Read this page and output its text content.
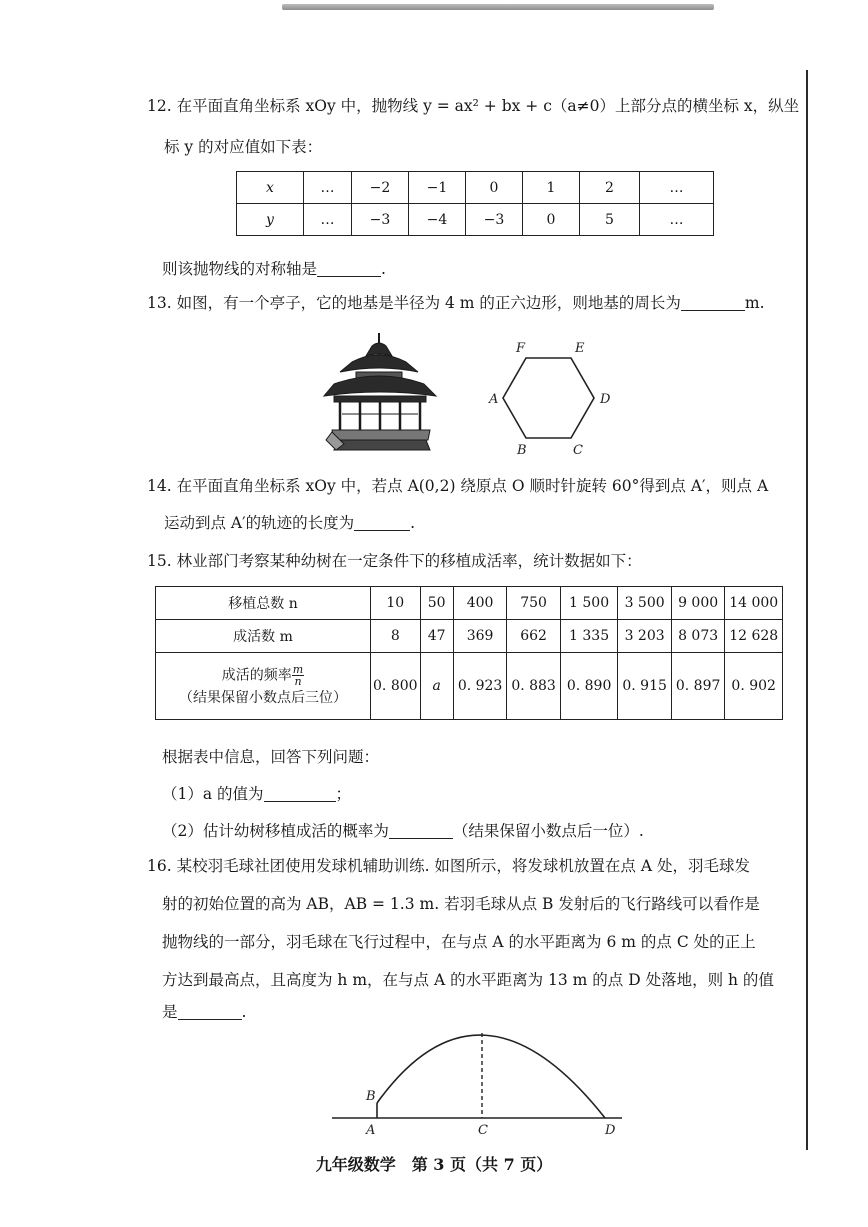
12. 在平面直角坐标系 xOy 中，抛物线 y = ax² + bx + c（a≠0）上部分点的横坐标 x，纵坐
标 y 的对应值如下表：
x	…	−2	−1	0	1	2	…
y	…	−3	−4	−3	0	5	…
则该抛物线的对称轴是	.
13. 如图，有一个亭子，它的地基是半径为 4 m 的正六边形，则地基的周长为	m.
F	E
A	D
B	C
14. 在平面直角坐标系 xOy 中，若点 A(0,2) 绕原点 O 顺时针旋转 60°得到点 A′，则点 A
运动到点 A′的轨迹的长度为	.
15. 林业部门考察某种幼树在一定条件下的移植成活率，统计数据如下：
移植总数 n	10	50	400	750	1 500	3 500	9 000	14 000
成活数 m	8	47	369	662	1 335	3 203	8 073	12 628
成活的频率 $\frac{m}{n}$

（结果保留小数点后三位）	0. 800	a	0. 923	0. 883	0. 890	0. 915	0. 897	0. 902
根据表中信息，回答下列问题：
（1）a 的值为	；
（2）估计幼树移植成活的概率为	（结果保留小数点后一位）.
16. 某校羽毛球社团使用发球机辅助训练. 如图所示，将发球机放置在点 A 处，羽毛球发
射的初始位置的高为 AB，AB = 1.3 m. 若羽毛球从点 B 发射后的飞行路线可以看作是
抛物线的一部分，羽毛球在飞行过程中，在与点 A 的水平距离为 6 m 的点 C 处的正上
方达到最高点，且高度为 h m，在与点 A 的水平距离为 13 m 的点 D 处落地，则 h 的值
是	.
B
A	C	D
九年级数学　第 3 页（共 7 页）
